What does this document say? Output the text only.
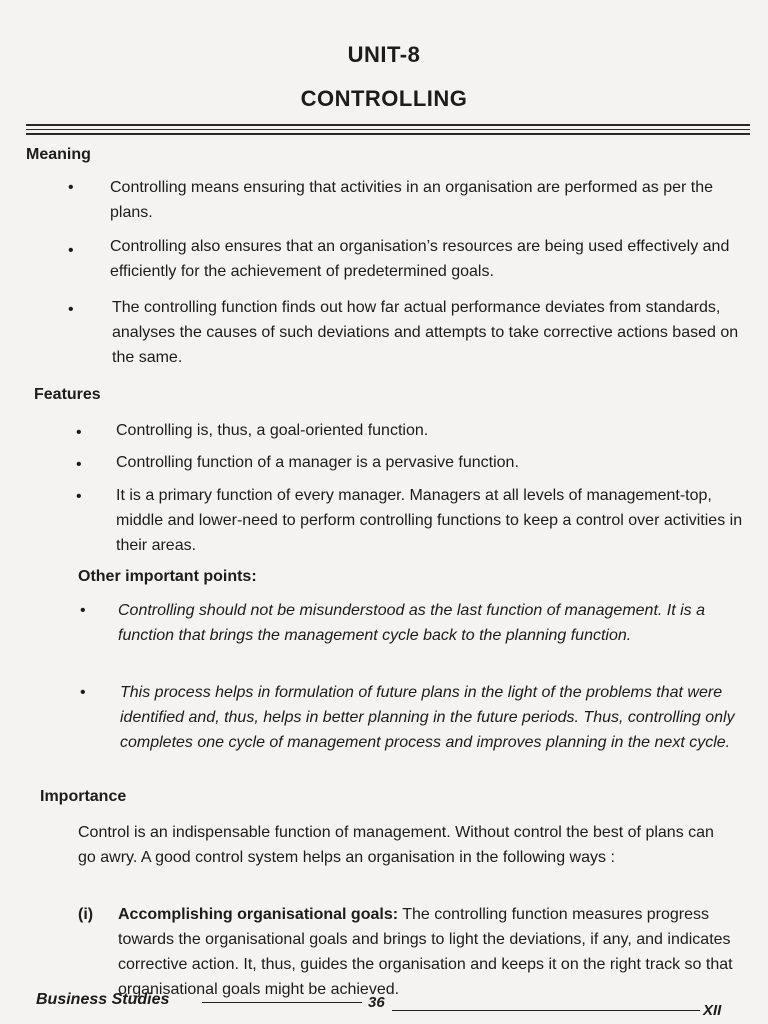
UNIT-8
CONTROLLING
Meaning
•	Controlling means ensuring that activities in an organisation are performed as per the plans.

•	Controlling also ensures that an organisation’s resources are being used effectively and efficiently for the achievement of predetermined goals.

•	The controlling function finds out how far actual performance deviates from standards, analyses the causes of such deviations and attempts to take corrective actions based on the same.

Features
•	Controlling is, thus, a goal-oriented function.

•	Controlling function of a manager is a pervasive function.

•	It is a primary function of every manager. Managers at all levels of management-top, middle and lower-need to perform controlling functions to keep a control over activities in their areas.

Other important points:
•	Controlling should not be misunderstood as the last function of management. It is a function that brings the management cycle back to the planning function.

•	This process helps in formulation of future plans in the light of the problems that were identified and, thus, helps in better planning in the future periods. Thus, controlling only completes one cycle of management process and improves planning in the next cycle.

Importance

Control is an indispensable function of management. Without control the best of plans can go awry. A good control system helps an organisation in the following ways :

(i)	Accomplishing organisational goals: The controlling function measures progress towards the organisational goals and brings to light the deviations, if any, and indicates corrective action. It, thus, guides the organisation and keeps it on the right track so that organisational goals might be achieved.

Business Studies	36	XII
